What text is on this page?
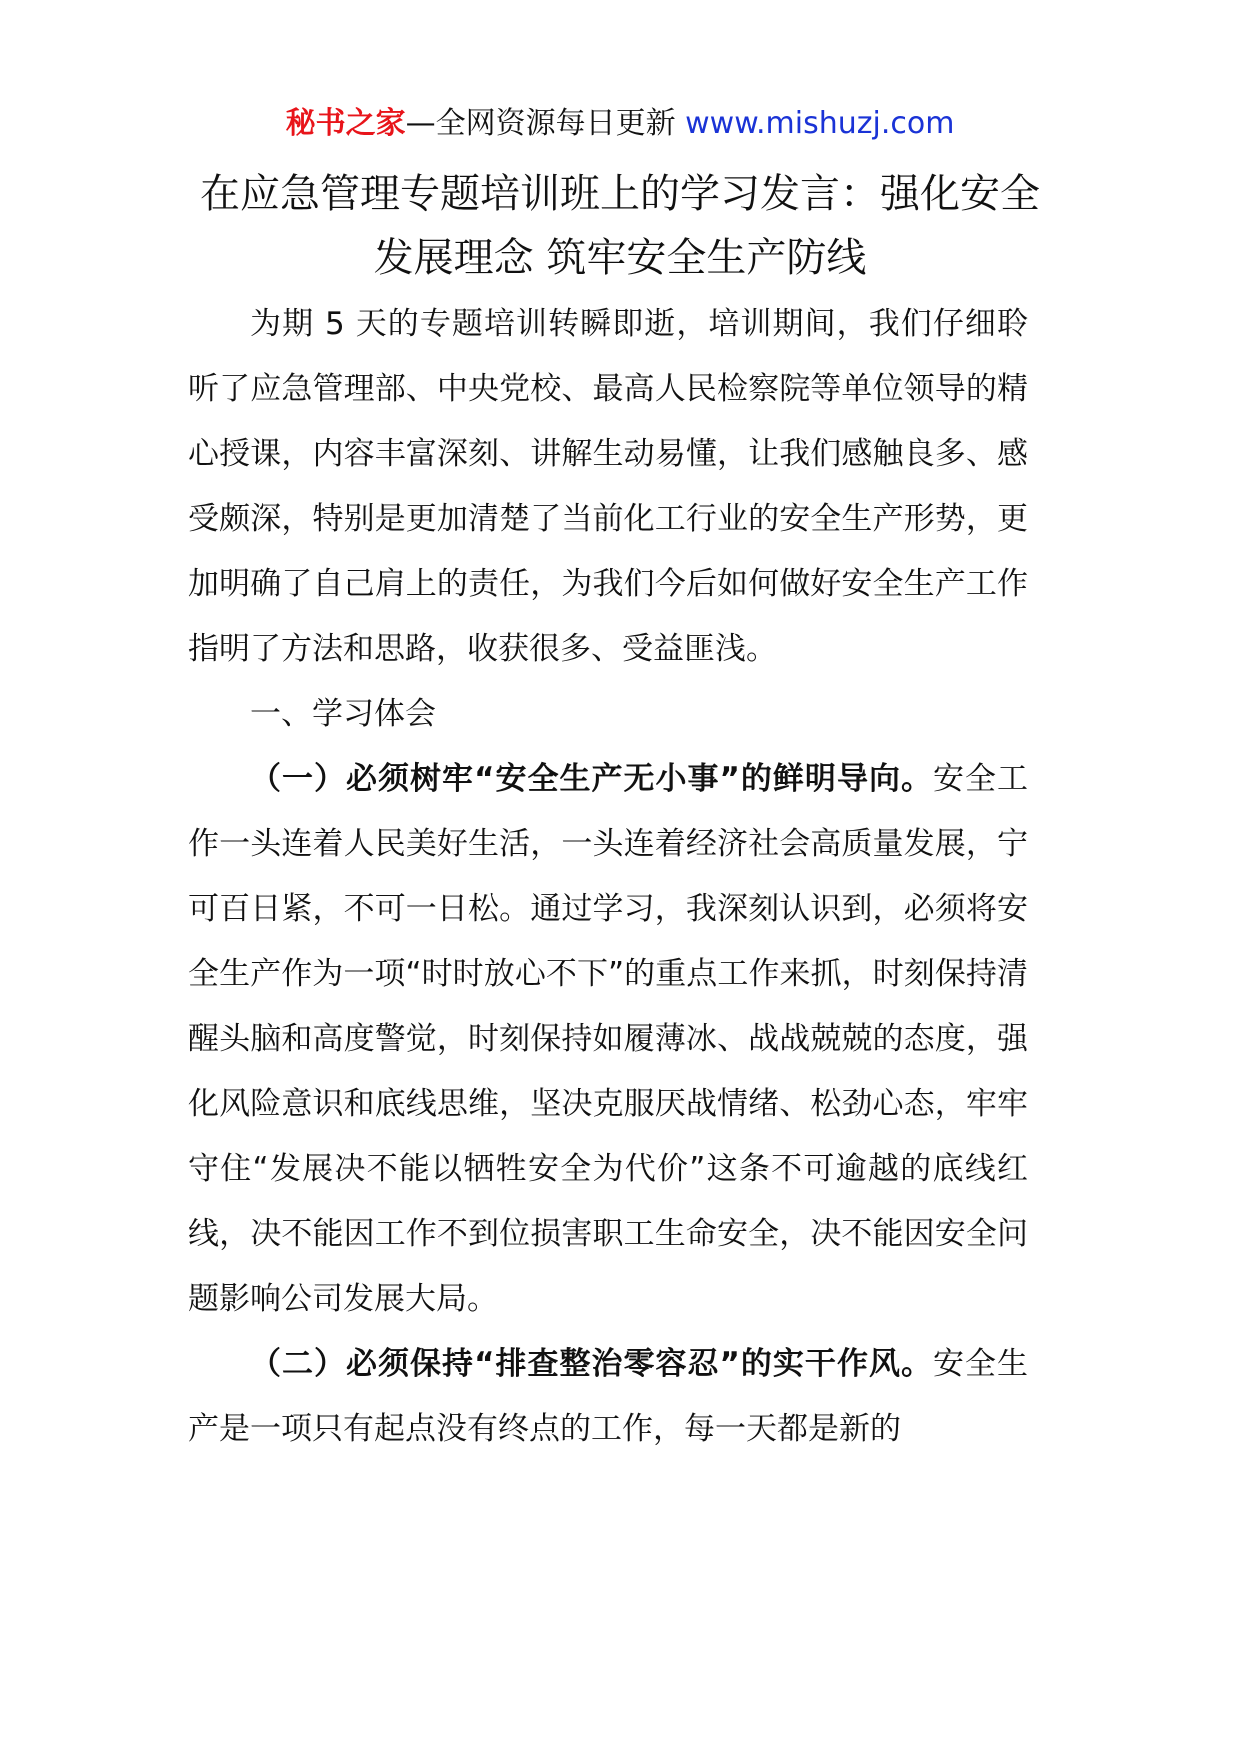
秘书之家—全网资源每日更新 www.mishuzj.com
在应急管理专题培训班上的学习发言：强化安全发展理念 筑牢安全生产防线

为期 5 天的专题培训转瞬即逝，培训期间，我们仔细聆听了应急管理部、中央党校、最高人民检察院等单位领导的精心授课，内容丰富深刻、讲解生动易懂，让我们感触良多、感受颇深，特别是更加清楚了当前化工行业的安全生产形势，更加明确了自己肩上的责任，为我们今后如何做好安全生产工作指明了方法和思路，收获很多、受益匪浅。

一、学习体会

（一）必须树牢“安全生产无小事”的鲜明导向。安全工作一头连着人民美好生活，一头连着经济社会高质量发展，宁可百日紧，不可一日松。通过学习，我深刻认识到，必须将安全生产作为一项“时时放心不下”的重点工作来抓，时刻保持清醒头脑和高度警觉，时刻保持如履薄冰、战战兢兢的态度，强化风险意识和底线思维，坚决克服厌战情绪、松劲心态，牢牢守住“发展决不能以牺牲安全为代价”这条不可逾越的底线红线，决不能因工作不到位损害职工生命安全，决不能因安全问题影响公司发展大局。

（二）必须保持“排查整治零容忍”的实干作风。安全生产是一项只有起点没有终点的工作，每一天都是新的
